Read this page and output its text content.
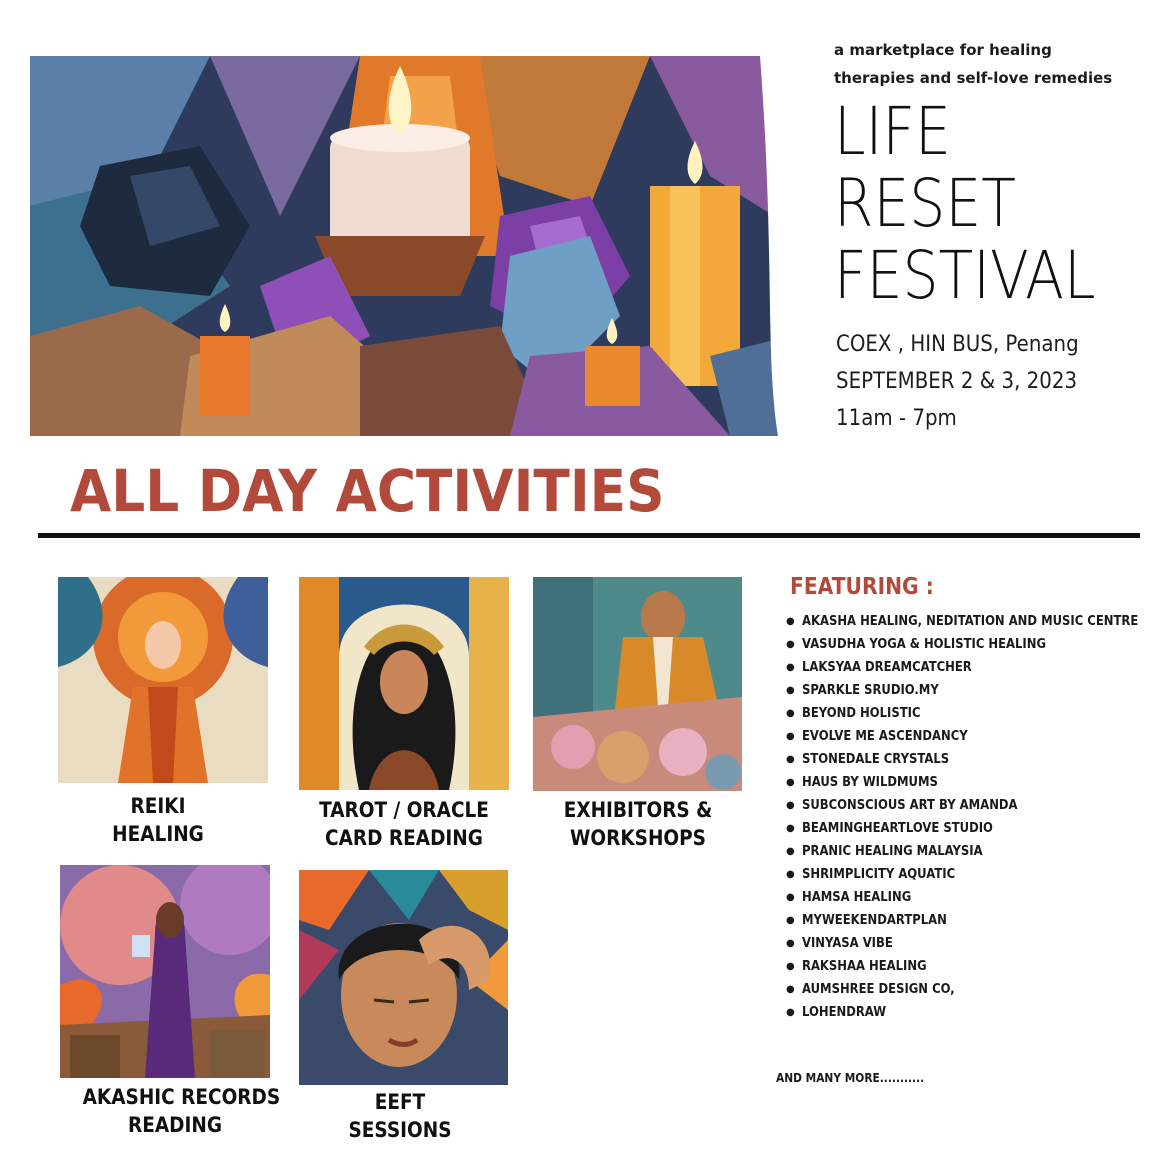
a marketplace for healing
therapies and self-love remedies
LIFE
RESET
FESTIVAL
COEX , HIN BUS, Penang
SEPTEMBER 2 & 3, 2023
11am - 7pm
ALL DAY ACTIVITIES
REIKI
HEALING
TAROT / ORACLE
CARD READING
EXHIBITORS &
WORKSHOPS
AKASHIC RECORDS
READING
EEFT
SESSIONS
FEATURING :
● AKASHA HEALING, NEDITATION AND MUSIC CENTRE
● VASUDHA YOGA & HOLISTIC HEALING
● LAKSYAA DREAMCATCHER
● SPARKLE SRUDIO.MY
● BEYOND HOLISTIC
● EVOLVE ME ASCENDANCY
● STONEDALE CRYSTALS
● HAUS BY WILDMUMS
● SUBCONSCIOUS ART BY AMANDA
● BEAMINGHEARTLOVE STUDIO
● PRANIC HEALING MALAYSIA
● SHRIMPLICITY AQUATIC
● HAMSA HEALING
● MYWEEKENDARTPLAN
● VINYASA VIBE
● RAKSHAA HEALING
● AUMSHREE DESIGN CO,
● LOHENDRAW
AND MANY MORE...........
